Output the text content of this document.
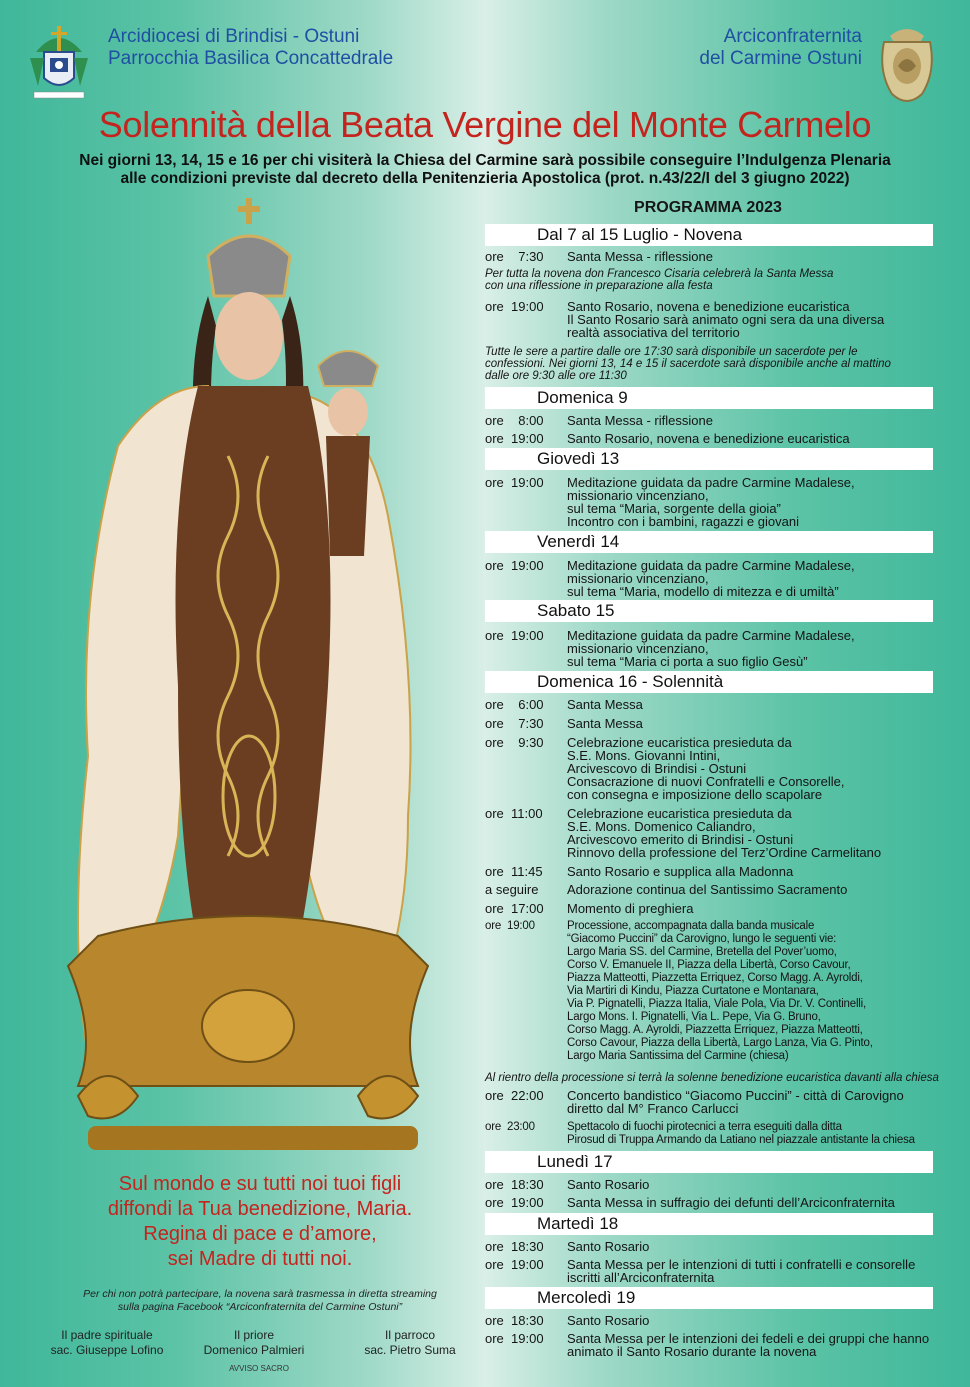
Arcidiocesi di Brindisi - Ostuni
Parrocchia Basilica Concattedrale
Arciconfraternita
del Carmine Ostuni
Solennità della Beata Vergine del Monte Carmelo
Nei giorni 13, 14, 15 e 16 per chi visiterà la Chiesa del Carmine sarà possibile conseguire l’Indulgenza Plenaria
alle condizioni previste dal decreto della Penitenzieria Apostolica (prot. n.43/22/I del 3 giugno 2022)
Sul mondo e su tutti noi tuoi figli
diffondi la Tua benedizione, Maria.
Regina di pace e d’amore,
sei Madre di tutti noi.
Per chi non potrà partecipare, la novena sarà trasmessa in diretta streaming
sulla pagina Facebook “Arciconfraternita del Carmine Ostuni”
Il padre spirituale
sac. Giuseppe Lofino
Il priore
Domenico Palmieri
Il parroco
sac. Pietro Suma
AVVISO SACRO
PROGRAMMA 2023
Dal 7 al 15 Luglio - Novena
ore    7:30	Santa Messa - riflessione
Per tutta la novena don Francesco Cisaria celebrerà la Santa Messa
con una riflessione in preparazione alla festa
ore  19:00	Santo Rosario, novena e benedizione eucaristica
Il Santo Rosario sarà animato ogni sera da una diversa
realtà associativa del territorio
Tutte le sere a partire dalle ore 17:30 sarà disponibile un sacerdote per le
confessioni. Nei giorni 13, 14 e 15 il sacerdote sarà disponibile anche al mattino
dalle ore 9:30 alle ore 11:30
Domenica 9
ore    8:00	Santa Messa - riflessione
ore  19:00	Santo Rosario, novena e benedizione eucaristica
Giovedì 13
ore  19:00	Meditazione guidata da padre Carmine Madalese,
missionario vincenziano,
sul tema “Maria, sorgente della gioia”
Incontro con i bambini, ragazzi e giovani
Venerdì 14
ore  19:00	Meditazione guidata da padre Carmine Madalese,
missionario vincenziano,
sul tema “Maria, modello di mitezza e di umiltà”
Sabato 15
ore  19:00	Meditazione guidata da padre Carmine Madalese,
missionario vincenziano,
sul tema “Maria ci porta a suo figlio Gesù”
Domenica 16 - Solennità
ore    6:00	Santa Messa
ore    7:30	Santa Messa
ore    9:30	Celebrazione eucaristica presieduta da
S.E. Mons. Giovanni Intini,
Arcivescovo di Brindisi - Ostuni
Consacrazione di nuovi Confratelli e Consorelle,
con consegna e imposizione dello scapolare
ore  11:00	Celebrazione eucaristica presieduta da
S.E. Mons. Domenico Caliandro,
Arcivescovo emerito di Brindisi - Ostuni
Rinnovo della professione del Terz’Ordine Carmelitano
ore  11:45	Santo Rosario e supplica alla Madonna
a seguire	Adorazione continua del Santissimo Sacramento
ore  17:00	Momento di preghiera
ore  19:00	Processione, accompagnata dalla banda musicale
“Giacomo Puccini” da Carovigno, lungo le seguenti vie:
Largo Maria SS. del Carmine, Bretella del Pover’uomo,
Corso V. Emanuele II, Piazza della Libertà, Corso Cavour,
Piazza Matteotti, Piazzetta Erriquez, Corso Magg. A. Ayroldi,
Via Martiri di Kindu, Piazza Curtatone e Montanara,
Via P. Pignatelli, Piazza Italia, Viale Pola, Via Dr. V. Continelli,
Largo Mons. I. Pignatelli, Via L. Pepe, Via G. Bruno,
Corso Magg. A. Ayroldi, Piazzetta Erriquez, Piazza Matteotti,
Corso Cavour, Piazza della Libertà, Largo Lanza, Via G. Pinto,
Largo Maria Santissima del Carmine (chiesa)
Al rientro della processione si terrà la solenne benedizione eucaristica davanti alla chiesa
ore  22:00	Concerto bandistico “Giacomo Puccini” - città di Carovigno
diretto dal M° Franco Carlucci
ore  23:00	Spettacolo di fuochi pirotecnici a terra eseguiti dalla ditta
Pirosud di Truppa Armando da Latiano nel piazzale antistante la chiesa
Lunedì 17
ore  18:30	Santo Rosario
ore  19:00	Santa Messa in suffragio dei defunti dell’Arciconfraternita
Martedì 18
ore  18:30	Santo Rosario
ore  19:00	Santa Messa per le intenzioni di tutti i confratelli e consorelle
iscritti all’Arciconfraternita
Mercoledì 19
ore  18:30	Santo Rosario
ore  19:00	Santa Messa per le intenzioni dei fedeli e dei gruppi che hanno
animato il Santo Rosario durante la novena
